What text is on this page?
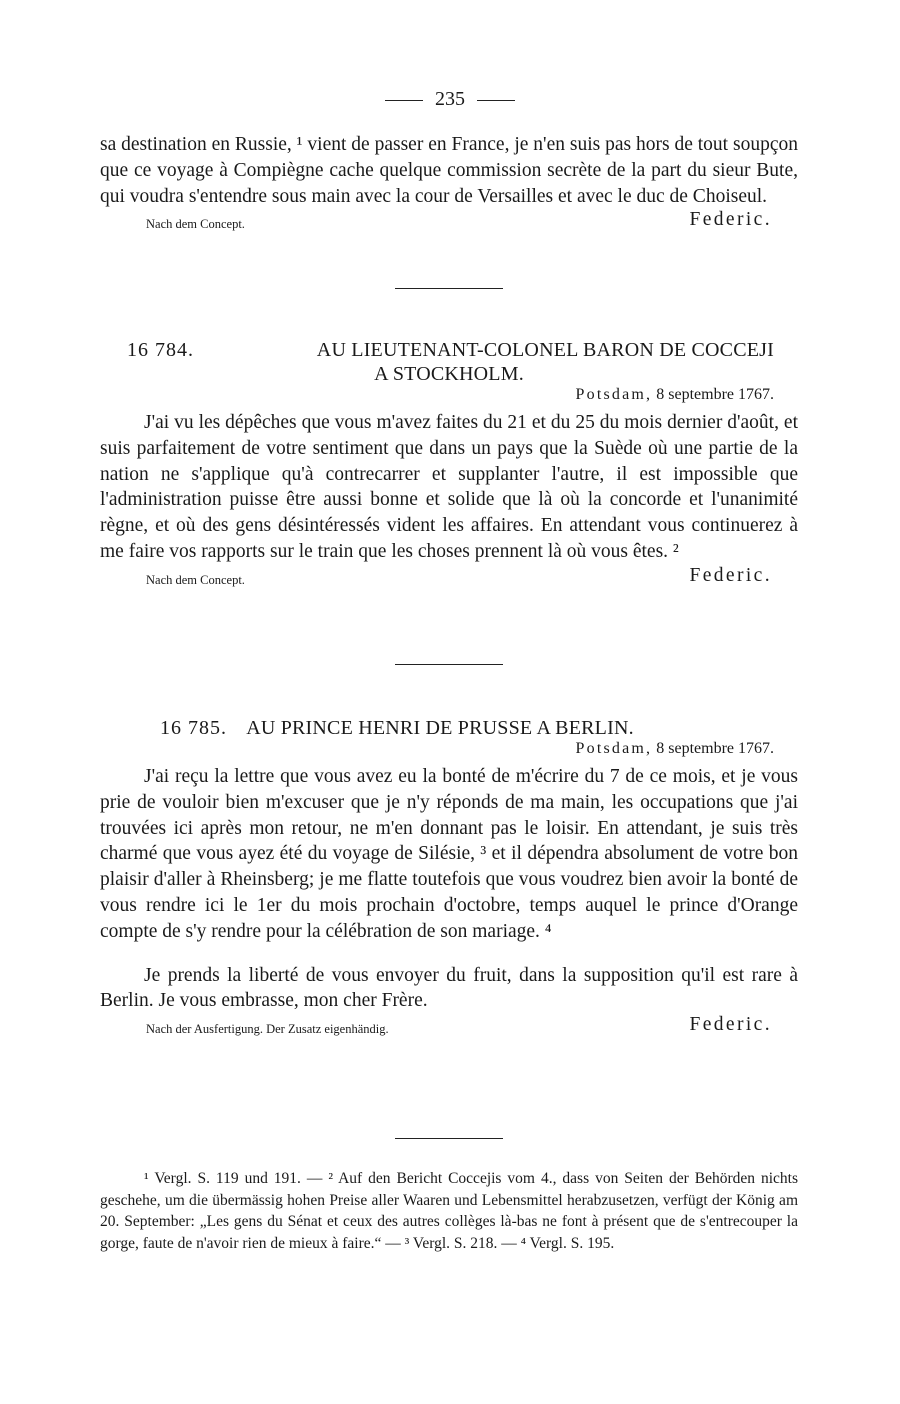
235

sa destination en Russie, ¹ vient de passer en France, je n'en suis pas hors de tout soupçon que ce voyage à Compiègne cache quelque commission secrète de la part du sieur Bute, qui voudra s'entendre sous main avec la cour de Versailles et avec le duc de Choiseul.

Nach dem Concept.	Federic.
16 784.	AU LIEUTENANT-COLONEL BARON DE COCCEJI
A STOCKHOLM.
Potsdam, 8 septembre 1767.

J'ai vu les dépêches que vous m'avez faites du 21 et du 25 du mois dernier d'août, et suis parfaitement de votre sentiment que dans un pays que la Suède où une partie de la nation ne s'applique qu'à contrecarrer et supplanter l'autre, il est impossible que l'administration puisse être aussi bonne et solide que là où la concorde et l'unanimité règne, et où des gens désintéressés vident les affaires. En attendant vous continuerez à me faire vos rapports sur le train que les choses prennent là où vous êtes. ²

Nach dem Concept.	Federic.
16 785. AU PRINCE HENRI DE PRUSSE A BERLIN.
Potsdam, 8 septembre 1767.

J'ai reçu la lettre que vous avez eu la bonté de m'écrire du 7 de ce mois, et je vous prie de vouloir bien m'excuser que je n'y réponds de ma main, les occupations que j'ai trouvées ici après mon retour, ne m'en donnant pas le loisir. En attendant, je suis très charmé que vous ayez été du voyage de Silésie, ³ et il dépendra absolument de votre bon plaisir d'aller à Rheinsberg; je me flatte toutefois que vous voudrez bien avoir la bonté de vous rendre ici le 1er du mois prochain d'octobre, temps auquel le prince d'Orange compte de s'y rendre pour la célébration de son mariage. ⁴

Je prends la liberté de vous envoyer du fruit, dans la supposition qu'il est rare à Berlin. Je vous embrasse, mon cher Frère.

Nach der Ausfertigung. Der Zusatz eigenhändig.	Federic.

¹ Vergl. S. 119 und 191. — ² Auf den Bericht Coccejis vom 4., dass von Seiten der Behörden nichts geschehe, um die übermässig hohen Preise aller Waaren und Lebensmittel herabzusetzen, verfügt der König am 20. September: „Les gens du Sénat et ceux des autres collèges là-bas ne font à présent que de s'entrecouper la gorge, faute de n'avoir rien de mieux à faire.“ — ³ Vergl. S. 218. — ⁴ Vergl. S. 195.
